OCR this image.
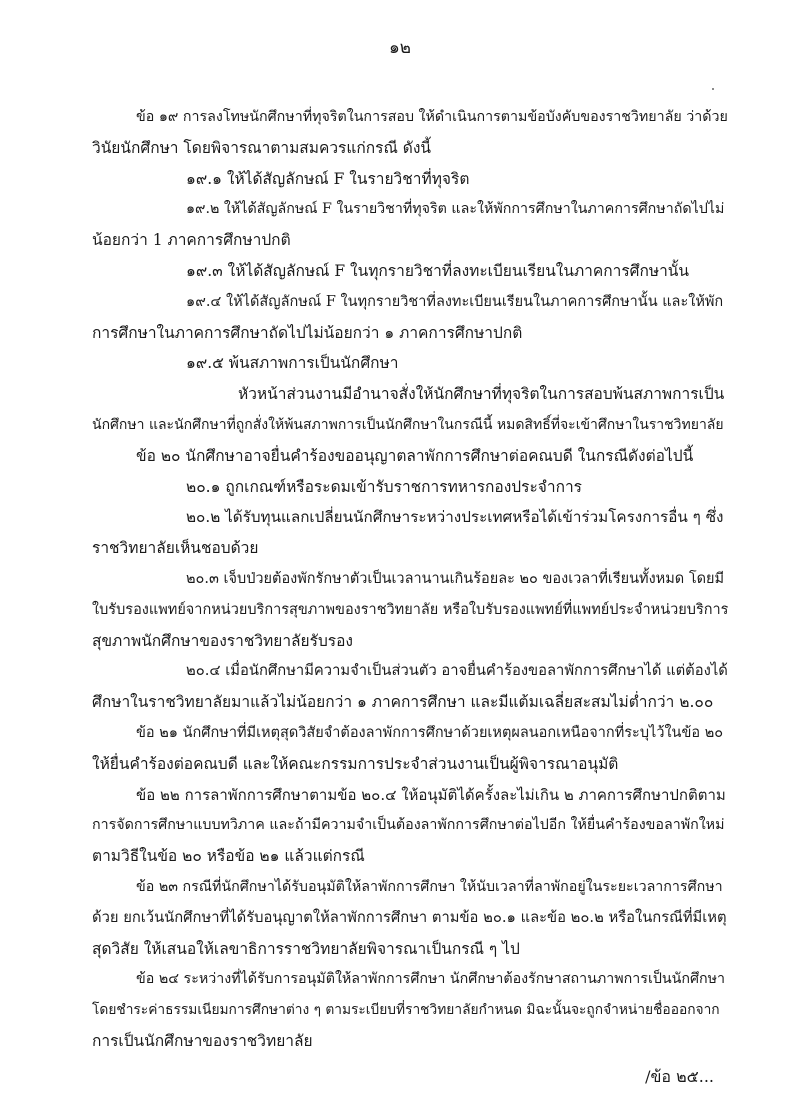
๑๒
ข้อ ๑๙ การลงโทษนักศึกษาที่ทุจริตในการสอบ ให้ดำเนินการตามข้อบังคับของราชวิทยาลัย ว่าด้วย
วินัยนักศึกษา โดยพิจารณาตามสมควรแก่กรณี ดังนี้
๑๙.๑ ให้ได้สัญลักษณ์ F ในรายวิชาที่ทุจริต
๑๙.๒ ให้ได้สัญลักษณ์ F ในรายวิชาที่ทุจริต และให้พักการศึกษาในภาคการศึกษาถัดไปไม่
น้อยกว่า 1 ภาคการศึกษาปกติ
๑๙.๓ ให้ได้สัญลักษณ์ F ในทุกรายวิชาที่ลงทะเบียนเรียนในภาคการศึกษานั้น
๑๙.๔ ให้ได้สัญลักษณ์ F ในทุกรายวิชาที่ลงทะเบียนเรียนในภาคการศึกษานั้น และให้พัก
การศึกษาในภาคการศึกษาถัดไปไม่น้อยกว่า ๑ ภาคการศึกษาปกติ
๑๙.๕ พ้นสภาพการเป็นนักศึกษา
หัวหน้าส่วนงานมีอำนาจสั่งให้นักศึกษาที่ทุจริตในการสอบพ้นสภาพการเป็น
นักศึกษา และนักศึกษาที่ถูกสั่งให้พ้นสภาพการเป็นนักศึกษาในกรณีนี้ หมดสิทธิ์ที่จะเข้าศึกษาในราชวิทยาลัย
ข้อ ๒๐ นักศึกษาอาจยื่นคำร้องขออนุญาตลาพักการศึกษาต่อคณบดี ในกรณีดังต่อไปนี้
๒๐.๑ ถูกเกณฑ์หรือระดมเข้ารับราชการทหารกองประจำการ
๒๐.๒ ได้รับทุนแลกเปลี่ยนนักศึกษาระหว่างประเทศหรือได้เข้าร่วมโครงการอื่น ๆ ซึ่ง
ราชวิทยาลัยเห็นชอบด้วย
๒๐.๓ เจ็บป่วยต้องพักรักษาตัวเป็นเวลานานเกินร้อยละ ๒๐ ของเวลาที่เรียนทั้งหมด โดยมี
ใบรับรองแพทย์จากหน่วยบริการสุขภาพของราชวิทยาลัย หรือใบรับรองแพทย์ที่แพทย์ประจำหน่วยบริการ
สุขภาพนักศึกษาของราชวิทยาลัยรับรอง
๒๐.๔ เมื่อนักศึกษามีความจำเป็นส่วนตัว อาจยื่นคำร้องขอลาพักการศึกษาได้ แต่ต้องได้
ศึกษาในราชวิทยาลัยมาแล้วไม่น้อยกว่า ๑ ภาคการศึกษา และมีแต้มเฉลี่ยสะสมไม่ต่ำกว่า ๒.๐๐
ข้อ ๒๑ นักศึกษาที่มีเหตุสุดวิสัยจำต้องลาพักการศึกษาด้วยเหตุผลนอกเหนือจากที่ระบุไว้ในข้อ ๒๐
ให้ยื่นคำร้องต่อคณบดี และให้คณะกรรมการประจำส่วนงานเป็นผู้พิจารณาอนุมัติ
ข้อ ๒๒ การลาพักการศึกษาตามข้อ ๒๐.๔ ให้อนุมัติได้ครั้งละไม่เกิน ๒ ภาคการศึกษาปกติตาม
การจัดการศึกษาแบบทวิภาค และถ้ามีความจำเป็นต้องลาพักการศึกษาต่อไปอีก ให้ยื่นคำร้องขอลาพักใหม่
ตามวิธีในข้อ ๒๐ หรือข้อ ๒๑ แล้วแต่กรณี
ข้อ ๒๓ กรณีที่นักศึกษาได้รับอนุมัติให้ลาพักการศึกษา ให้นับเวลาที่ลาพักอยู่ในระยะเวลาการศึกษา
ด้วย ยกเว้นนักศึกษาที่ได้รับอนุญาตให้ลาพักการศึกษา ตามข้อ ๒๐.๑ และข้อ ๒๐.๒ หรือในกรณีที่มีเหตุ
สุดวิสัย ให้เสนอให้เลขาธิการราชวิทยาลัยพิจารณาเป็นกรณี ๆ ไป
ข้อ ๒๔ ระหว่างที่ได้รับการอนุมัติให้ลาพักการศึกษา นักศึกษาต้องรักษาสถานภาพการเป็นนักศึกษา
โดยชำระค่าธรรมเนียมการศึกษาต่าง ๆ ตามระเบียบที่ราชวิทยาลัยกำหนด มิฉะนั้นจะถูกจำหน่ายชื่อออกจาก
การเป็นนักศึกษาของราชวิทยาลัย
/ข้อ ๒๕...
